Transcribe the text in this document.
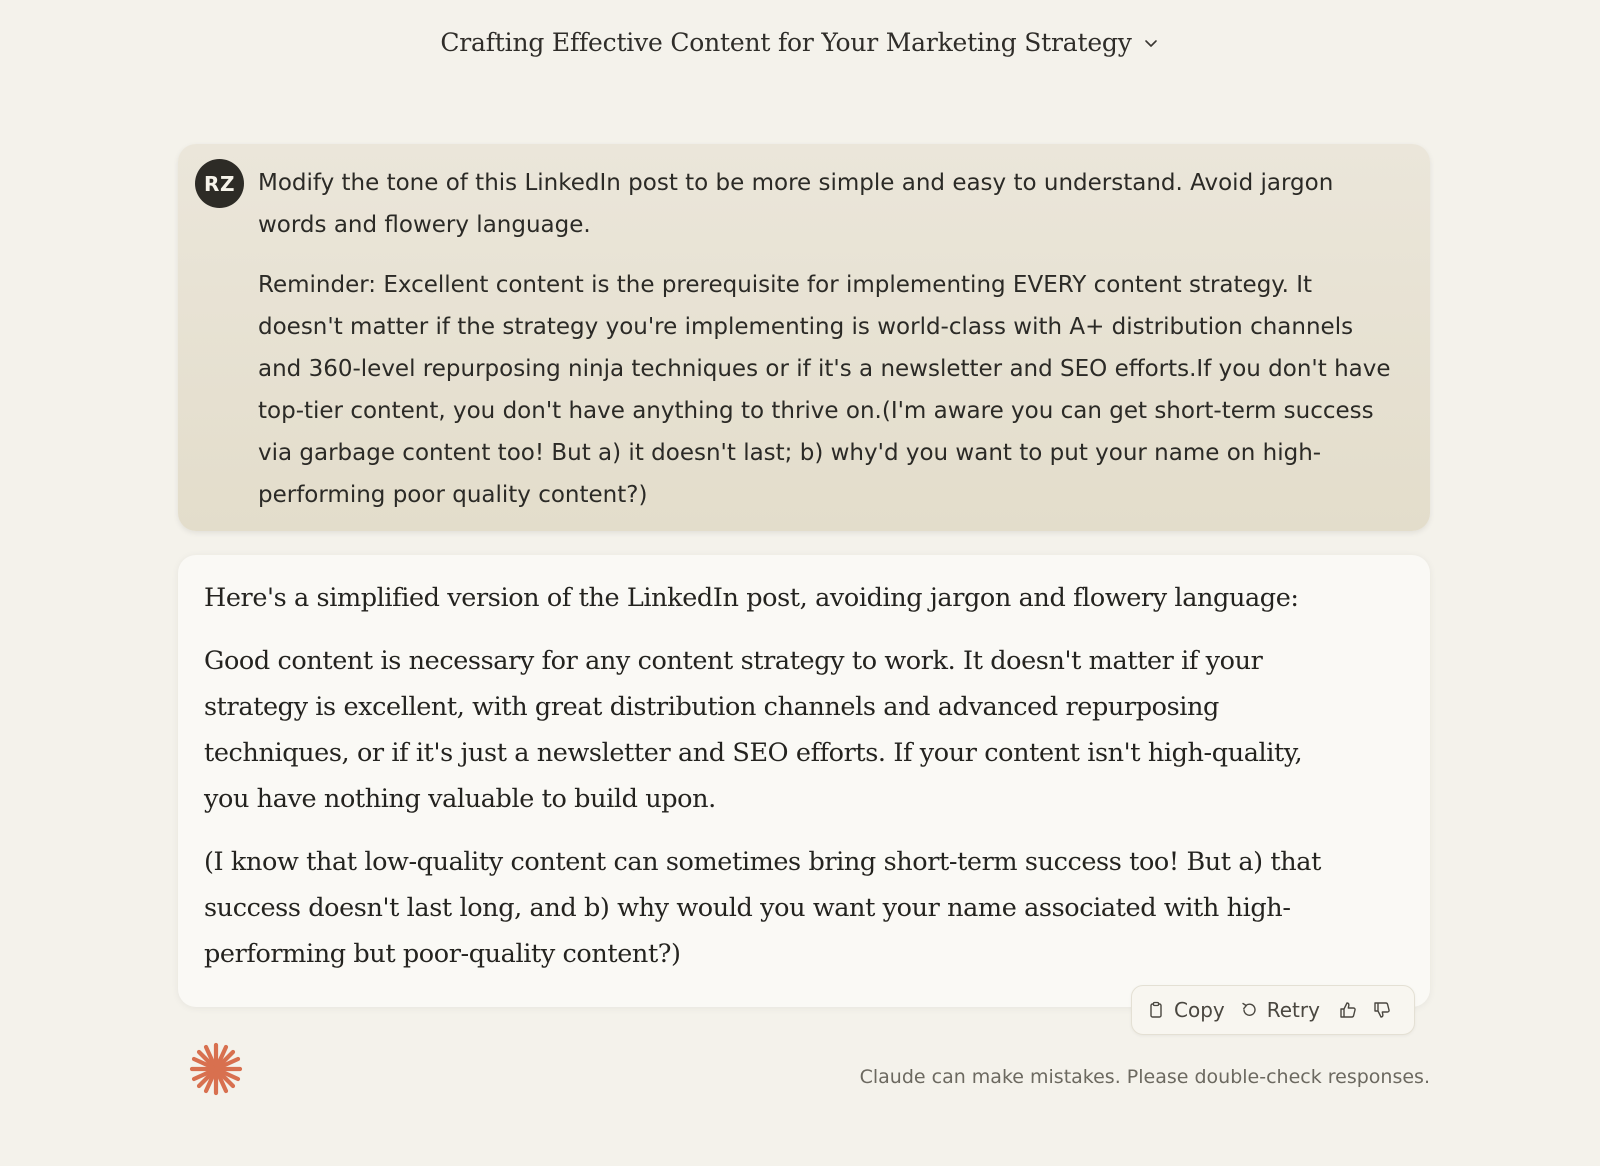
Crafting Effective Content for Your Marketing Strategy
RZ	Modify the tone of this LinkedIn post to be more simple and easy to understand. Avoid jargon words and flowery language.

Reminder: Excellent content is the prerequisite for implementing EVERY content strategy. It doesn't matter if the strategy you're implementing is world-class with A+ distribution channels and 360-level repurposing ninja techniques or if it's a newsletter and SEO efforts.If you don't have top-tier content, you don't have anything to thrive on.(I'm aware you can get short-term success via garbage content too! But a) it doesn't last; b) why'd you want to put your name on high-performing poor quality content?)

Here's a simplified version of the LinkedIn post, avoiding jargon and flowery language:

Good content is necessary for any content strategy to work. It doesn't matter if your strategy is excellent, with great distribution channels and advanced repurposing techniques, or if it's just a newsletter and SEO efforts. If your content isn't high-quality, you have nothing valuable to build upon.

(I know that low-quality content can sometimes bring short-term success too! But a) that success doesn't last long, and b) why would you want your name associated with high-performing but poor-quality content?)

Copy Retry
Claude can make mistakes. Please double-check responses.
